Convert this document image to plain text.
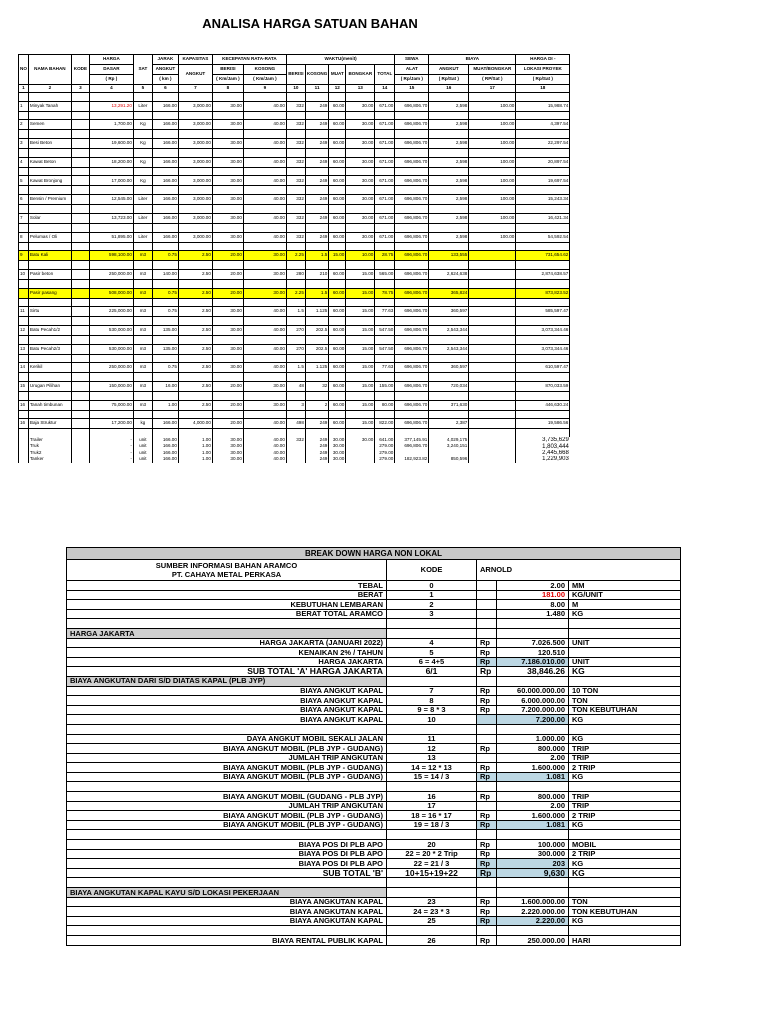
ANALISA HARGA SATUAN BAHAN
NO	NAMA BAHAN	KODE	HARGA	SAT	JARAK	KAPASITAS	KECEPATAN RATA-RATA		WAKTU(menit)					SEWA	BIAYA		HARGA DI -
			DASAR		ANGKUT	ANGKUT	BERISI	KOSONG	BERISI	KOSONG	MUAT	BONGKAR	TOTAL	ALAT	ANGKUT	MUAT/BONGKAR	LOKASI PROYEK
			( Rp )		( km )		( Km/Jam )	( Km/Jam )						( Rp/Jam )	( Rp/Sat )	( RP/Sat )	( Rp/Sat )
1	2	3	4	5	6	7	8	9	10	11	12	13	14	15	16	17	18

1	Minyak Tanah		13,291.20	Liter	166.00	3,000.00	30.00	40.00	332	249	60.00	30.00	671.00	696,806.70	2,598	100.00	15,988.74

2	Semen		1,700.00	Kg	166.00	3,000.00	30.00	40.00	332	249	60.00	30.00	671.00	696,806.70	2,598	100.00	4,397.54

3	Besi Beton		19,600.00	Kg	166.00	3,000.00	30.00	40.00	332	249	60.00	30.00	671.00	696,806.70	2,598	100.00	22,297.54

4	Kawat Beton		18,200.00	Kg	166.00	3,000.00	30.00	40.00	332	249	60.00	30.00	671.00	696,806.70	2,598	100.00	20,897.54

5	Kawat Bronjong		17,000.00	Kg	166.00	3,000.00	30.00	40.00	332	249	60.00	30.00	671.00	696,806.70	2,598	100.00	19,697.54

6	Bensin / Premium		12,545.00	Liter	166.00	3,000.00	30.00	40.00	332	249	60.00	30.00	671.00	696,806.70	2,598	100.00	15,243.34

7	Solar		13,723.00	Liter	166.00	3,000.00	30.00	40.00	332	249	60.00	30.00	671.00	696,806.70	2,598	100.00	16,421.34

8	Pelumas / Oli		51,895.00	Liter	166.00	3,000.00	30.00	40.00	332	249	60.00	30.00	671.00	696,806.70	2,598	100.00	54,592.54

9	Batu Kali		598,100.00	m3	0.75	2.50	20.00	30.00	2.25	1.5	15.00	10.00	28.75	696,806.70	133,555		731,654.62

10	Pasir beton		250,000.00	m3	140.00	2.50	20.00	30.00	280	210	60.00	15.00	565.00	696,806.70	2,624,638		2,874,638.57

	Pasir pasang		508,000.00	m3	0.75	2.50	20.00	30.00	2.25	1.5	60.00	15.00	78.75	696,806.70	365,824		873,823.52

11	Sirtu		225,000.00	m3	0.75	2.50	30.00	40.00	1.5	1.125	60.00	15.00	77.63	696,806.70	360,597		585,597.47

12	Batu Pecah1/2		530,000.00	m3	135.00	2.50	30.00	40.00	270	202.5	60.00	15.00	547.50	696,806.70	2,543,344		3,073,344.46

13	Batu Pecah2/3		530,000.00	m3	135.00	2.50	30.00	40.00	270	202.5	60.00	15.00	547.50	696,806.70	2,543,344		3,073,344.46

14	Kerikil		250,000.00	m3	0.75	2.50	30.00	40.00	1.5	1.125	60.00	15.00	77.63	696,806.70	360,597		610,597.47

15	Urugan Pilihan		150,000.00	m3	16.00	2.50	20.00	30.00	48	32	60.00	15.00	155.00	696,806.70	720,034		870,033.59

16	Tanah timbunan		75,000.00	m3	1.00	2.50	20.00	30.00	3	2	60.00	15.00	80.00	696,806.70	371,630		446,630.24

16	Baja Struktur		17,200.00	kg	166.00	4,000.00	20.00	40.00	498	249	60.00	15.00	822.00	696,806.70	2,387		19,586.56

	Trailer		-	unit	166.00	1.00	30.00	40.00	332	249	30.00	30.00	641.00	377,145.91	4,029,175		3,735,629
	Truk		-	unit	166.00	1.00	30.00	40.00		249	30.00		279.00	696,806.70	3,240,151		1,803,444
	Truk2		-	unit	166.00	1.00	30.00	40.00		249	30.00		279.00				2,445,668
	Tanker		-	unit	166.00	1.00	30.00	40.00		249	30.00		279.00	182,923.82	850,596		1,229,903
BREAK DOWN HARGA NON LOKAL				

SUMBER INFORMASI BAHAN ARAMCO
PT. CAHAYA METAL PERKASA	KODE	ARNOLD		
TEBAL	0		2.00	MM
BERAT	1		181.00	KG/UNIT
KEBUTUHAN LEMBARAN	2		8.00	M
BERAT TOTAL ARAMCO	3		1.480	KG

HARGA JAKARTA				
HARGA JAKARTA (JANUARI 2022)	4	Rp	7.026.500	UNIT
KENAIKAN 2% / TAHUN	5	Rp	120.510	
HARGA JAKARTA	6 = 4+5	Rp	7.186.010.00	UNIT
SUB TOTAL 'A' HARGA JAKARTA	6/1	Rp	38,846.26	KG
BIAYA ANGKUTAN DARI S/D DIATAS KAPAL (PLB JYP)				
BIAYA ANGKUT KAPAL	7	Rp	60.000.000.00	10 TON
BIAYA ANGKUT KAPAL	8	Rp	6.000.000.00	TON
BIAYA ANGKUT KAPAL	9 = 8 * 3	Rp	7.200.000.00	TON KEBUTUHAN
BIAYA ANGKUT KAPAL	10		7.200.00	KG

DAYA ANGKUT MOBIL SEKALI JALAN	11		1.000.00	KG
BIAYA ANGKUT MOBIL (PLB JYP - GUDANG)	12	Rp	800.000	TRIP
JUMLAH TRIP ANGKUTAN	13		2.00	TRIP
BIAYA ANGKUT MOBIL (PLB JYP - GUDANG)	14 = 12 * 13	Rp	1.600.000	2 TRIP
BIAYA ANGKUT MOBIL (PLB JYP - GUDANG)	15 = 14 / 3	Rp	1.081	KG

BIAYA ANGKUT MOBIL (GUDANG - PLB JYP)	16	Rp	800.000	TRIP
JUMLAH TRIP ANGKUTAN	17		2.00	TRIP
BIAYA ANGKUT MOBIL (PLB JYP - GUDANG)	18 = 16 * 17	Rp	1.600.000	2 TRIP
BIAYA ANGKUT MOBIL (PLB JYP - GUDANG)	19 = 18 / 3	Rp	1.081	KG

BIAYA POS DI PLB APO	20	Rp	100.000	MOBIL
BIAYA POS DI PLB APO	22 = 20 * 2 Trip	Rp	300.000	2 TRIP
BIAYA POS DI PLB APO	22 = 21 / 3	Rp	203	KG
SUB TOTAL 'B'	10+15+19+22	Rp	9,630	KG

BIAYA ANGKUTAN KAPAL KAYU S/D LOKASI PEKERJAAN				
BIAYA ANGKUTAN KAPAL	23	Rp	1.600.000.00	TON
BIAYA ANGKUTAN KAPAL	24 = 23 * 3	Rp	2.220.000.00	TON KEBUTUHAN
BIAYA ANGKUTAN KAPAL	25	Rp	2.220.00	KG

BIAYA RENTAL PUBLIK KAPAL	26	Rp	250.000.00	HARI
